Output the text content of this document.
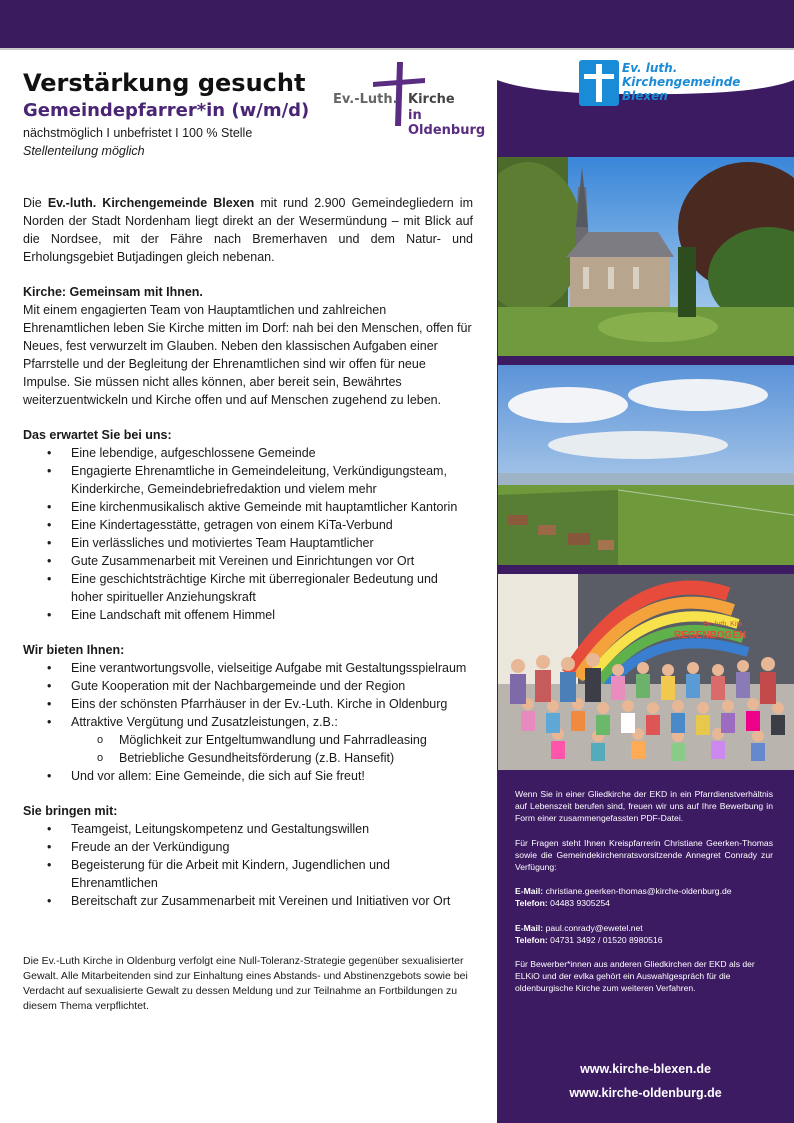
Ev.-Luth. Kirche
in Oldenburg
Verstärkung gesucht
Gemeindepfarrer*in (w/m/d)

nächstmöglich I unbefristet I 100 % Stelle

Stellenteilung möglich

Die Ev.-luth. Kirchengemeinde Blexen mit rund 2.900 Gemeindegliedern im Norden der Stadt Nordenham liegt direkt an der Wesermündung – mit Blick auf die Nordsee, mit der Fähre nach Bremerhaven und dem Natur- und Erholungsgebiet Butjadingen gleich nebenan.

Kirche: Gemeinsam mit Ihnen.

Mit einem engagierten Team von Hauptamtlichen und zahlreichen Ehrenamtlichen leben Sie Kirche mitten im Dorf: nah bei den Menschen, offen für Neues, fest verwurzelt im Glauben. Neben den klassischen Aufgaben einer Pfarrstelle und der Begleitung der Ehrenamtlichen sind wir offen für neue Impulse. Sie müssen nicht alles können, aber bereit sein, Bewährtes weiterzuentwickeln und Kirche offen und auf Menschen zugehend zu leben.

Das erwartet Sie bei uns:

• Eine lebendige, aufgeschlossene Gemeinde
• Engagierte Ehrenamtliche in Gemeindeleitung, Verkündigungsteam, Kinderkirche, Gemeindebriefredaktion und vielem mehr
• Eine kirchenmusikalisch aktive Gemeinde mit hauptamtlicher Kantorin
• Eine Kindertagesstätte, getragen von einem KiTa-Verbund
• Ein verlässliches und motiviertes Team Hauptamtlicher
• Gute Zusammenarbeit mit Vereinen und Einrichtungen vor Ort
• Eine geschichtsträchtige Kirche mit überregionaler Bedeutung und hoher spiritueller Anziehungskraft
• Eine Landschaft mit offenem Himmel

Wir bieten Ihnen:

• Eine verantwortungsvolle, vielseitige Aufgabe mit Gestaltungsspielraum
• Gute Kooperation mit der Nachbargemeinde und der Region
• Eins der schönsten Pfarrhäuser in der Ev.-Luth. Kirche in Oldenburg
• Attraktive Vergütung und Zusatzleistungen, z.B.:
o Möglichkeit zur Entgeltumwandlung und Fahrradleasing
o Betriebliche Gesundheitsförderung (z.B. Hansefit)
• Und vor allem: Eine Gemeinde, die sich auf Sie freut!

Sie bringen mit:

• Teamgeist, Leitungskompetenz und Gestaltungswillen
• Freude an der Verkündigung
• Begeisterung für die Arbeit mit Kindern, Jugendlichen und Ehrenamtlichen
• Bereitschaft zur Zusammenarbeit mit Vereinen und Initiativen vor Ort

Die Ev.-Luth Kirche in Oldenburg verfolgt eine Null-Toleranz-Strategie gegenüber sexualisierter Gewalt. Alle Mitarbeitenden sind zur Einhaltung eines Abstands- und Abstinenzgebots sowie bei Verdacht auf sexualisierte Gewalt zu dessen Meldung und zur Teilnahme an Fortbildungen zu diesem Thema verpflichtet.

Ev. luth.
Kirchengemeinde
Blexen
Ev.-luth. Kita
REGENBOGEN

Wenn Sie in einer Gliedkirche der EKD in ein Pfarrdienstverhältnis auf Lebenszeit berufen sind, freuen wir uns auf Ihre Bewerbung in Form einer zusammengefassten PDF-Datei.

Für Fragen steht Ihnen Kreispfarrerin Christiane Geerken-Thomas sowie die Gemeindekirchenratsvorsitzende Annegret Conrady zur Verfügung:

E-Mail: christiane.geerken-thomas@kirche-oldenburg.de

Telefon: 04483 9305254

E-Mail: paul.conrady@ewetel.net

Telefon: 04731 3492 / 01520 8980516

Für Bewerber*innen aus anderen Gliedkirchen der EKD als der ELKiO und der evlka gehört ein Auswahlgespräch für die oldenburgische Kirche zum weiteren Verfahren.

www.kirche-blexen.de
www.kirche-oldenburg.de
